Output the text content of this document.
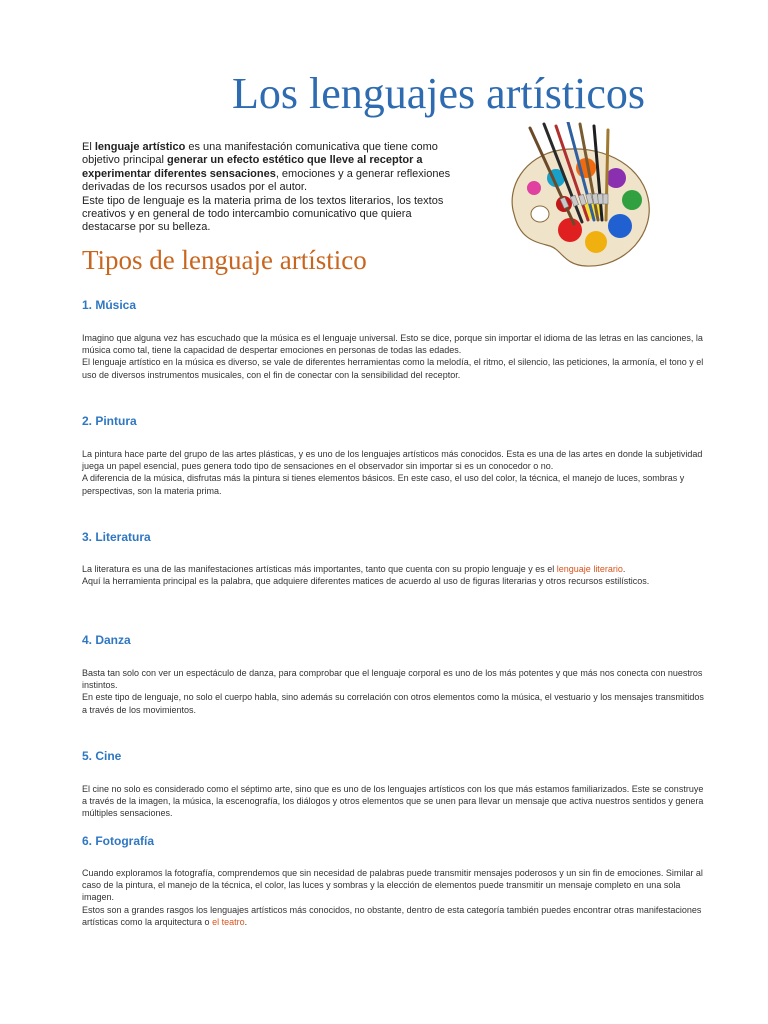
Los lenguajes artísticos

El lenguaje artístico es una manifestación comunicativa que tiene como objetivo principal generar un efecto estético que lleve al receptor a experimentar diferentes sensaciones, emociones y a generar reflexiones derivadas de los recursos usados por el autor.

Este tipo de lenguaje es la materia prima de los textos literarios, los textos creativos y en general de todo intercambio comunicativo que quiera destacarse por su belleza.

Tipos de lenguaje artístico
1. Música

Imagino que alguna vez has escuchado que la música es el lenguaje universal. Esto se dice, porque sin importar el idioma de las letras en las canciones, la música como tal, tiene la capacidad de despertar emociones en personas de todas las edades.

El lenguaje artístico en la música es diverso, se vale de diferentes herramientas como la melodía, el ritmo, el silencio, las peticiones, la armonía, el tono y el uso de diversos instrumentos musicales, con el fin de conectar con la sensibilidad del receptor.

2. Pintura

La pintura hace parte del grupo de las artes plásticas, y es uno de los lenguajes artísticos más conocidos. Esta es una de las artes en donde la subjetividad juega un papel esencial, pues genera todo tipo de sensaciones en el observador sin importar si es un conocedor o no.

A diferencia de la música, disfrutas más la pintura si tienes elementos básicos. En este caso, el uso del color, la técnica, el manejo de luces, sombras y perspectivas, son la materia prima.

3. Literatura

La literatura es una de las manifestaciones artísticas más importantes, tanto que cuenta con su propio lenguaje y es el lenguaje literario.

Aquí la herramienta principal es la palabra, que adquiere diferentes matices de acuerdo al uso de figuras literarias y otros recursos estilísticos.

4. Danza

Basta tan solo con ver un espectáculo de danza, para comprobar que el lenguaje corporal es uno de los más potentes y que más nos conecta con nuestros instintos.

En este tipo de lenguaje, no solo el cuerpo habla, sino además su correlación con otros elementos como la música, el vestuario y los mensajes transmitidos a través de los movimientos.

5. Cine

El cine no solo es considerado como el séptimo arte, sino que es uno de los lenguajes artísticos con los que más estamos familiarizados. Este se construye a través de la imagen, la música, la escenografía, los diálogos y otros elementos que se unen para llevar un mensaje que activa nuestros sentidos y genera múltiples sensaciones.

6. Fotografía

Cuando exploramos la fotografía, comprendemos que sin necesidad de palabras puede transmitir mensajes poderosos y un sin fin de emociones. Similar al caso de la pintura, el manejo de la técnica, el color, las luces y sombras y la elección de elementos puede transmitir un mensaje completo en una sola imagen.

Estos son a grandes rasgos los lenguajes artísticos más conocidos, no obstante, dentro de esta categoría también puedes encontrar otras manifestaciones artísticas como la arquitectura o el teatro.
